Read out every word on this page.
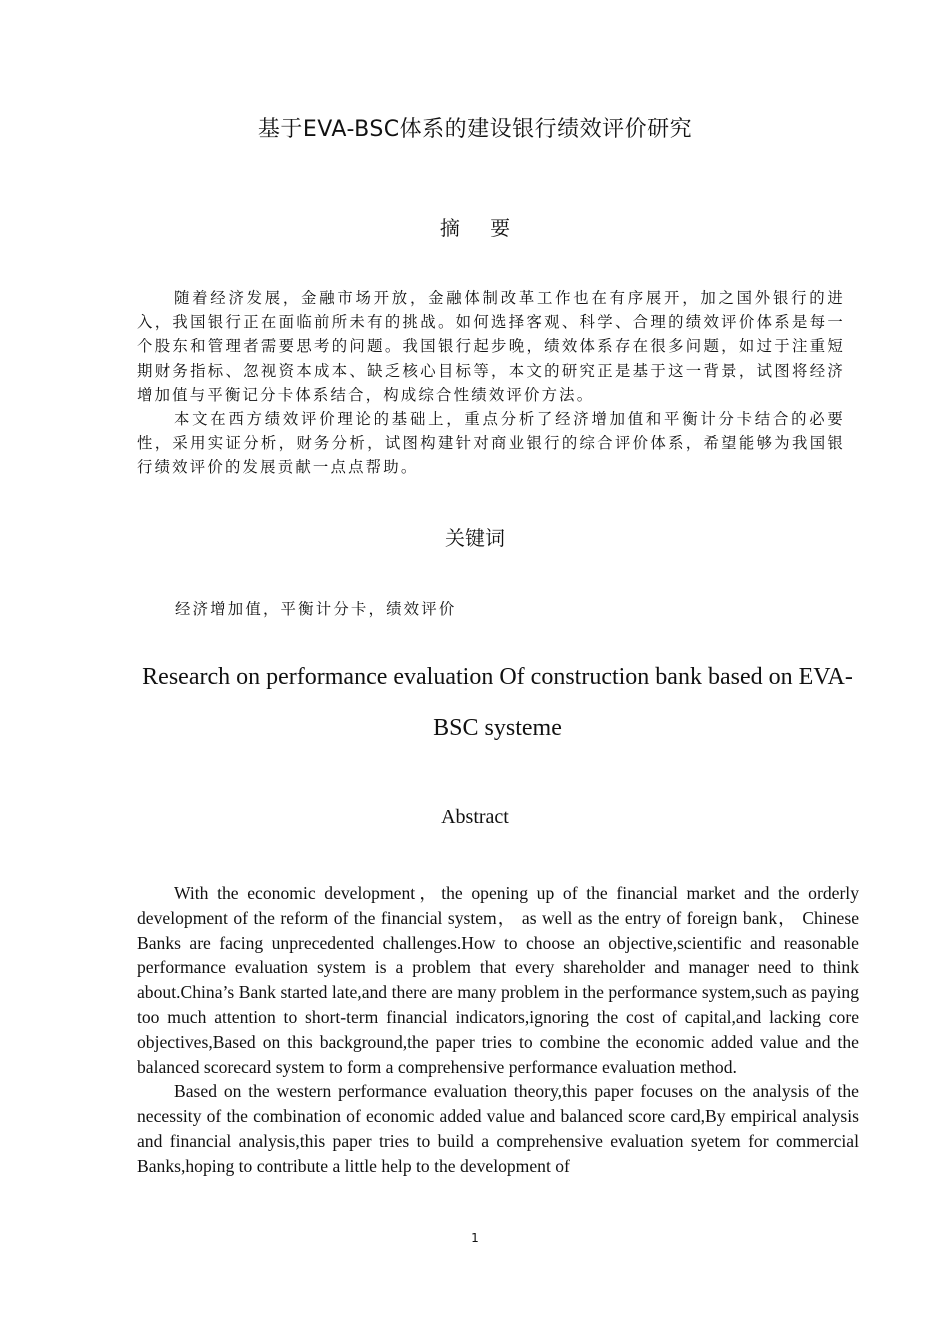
基于EVA-BSC体系的建设银行绩效评价研究
摘 要

随着经济发展，金融市场开放，金融体制改革工作也在有序展开，加之国外银行的进入，我国银行正在面临前所未有的挑战。如何选择客观、科学、合理的绩效评价体系是每一个股东和管理者需要思考的问题。我国银行起步晚，绩效体系存在很多问题，如过于注重短期财务指标、忽视资本成本、缺乏核心目标等，本文的研究正是基于这一背景，试图将经济增加值与平衡记分卡体系结合，构成综合性绩效评价方法。

本文在西方绩效评价理论的基础上，重点分析了经济增加值和平衡计分卡结合的必要性，采用实证分析，财务分析，试图构建针对商业银行的综合评价体系，希望能够为我国银行绩效评价的发展贡献一点点帮助。

关键词
经济增加值，平衡计分卡，绩效评价
Research on performance evaluation Of construction bank based on EVA-BSC systeme
Abstract

With the economic development，the opening up of the financial market and the orderly development of the reform of the financial system， as well as the entry of foreign bank， Chinese Banks are facing unprecedented challenges.How to choose an objective,scientific and reasonable performance evaluation system is a problem that every shareholder and manager need to think about.China’s Bank started late,and there are many problem in the performance system,such as paying too much attention to short-term financial indicators,ignoring the cost of capital,and lacking core objectives,Based on this background,the paper tries to combine the economic added value and the balanced scorecard system to form a comprehensive performance evaluation method.

Based on the western performance evaluation theory,this paper focuses on the analysis of the necessity of the combination of economic added value and balanced score card,By empirical analysis and financial analysis,this paper tries to build a comprehensive evaluation syetem for commercial Banks,hoping to contribute a little help to the development of

1
